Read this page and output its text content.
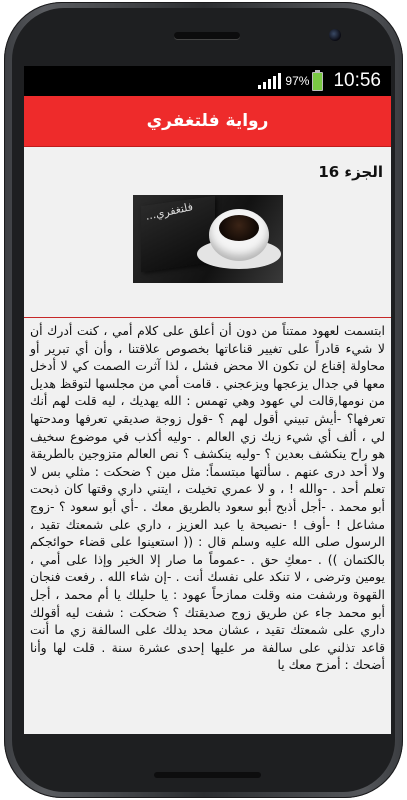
97% 10:56
رواية فلتغفري
الجزء 16
فلتغفري...
ابتسمت لعهود ممتناً من دون أن أعلق على كلام أمي ، كنت أدرك أن لا شيء قادراً على تغيير قناعاتها بخصوص علاقتنا ، وأن أي تبرير أو محاولة إقناع لن تكون الا محض فشل ، لذا آثرت الصمت كي لا أدخل معها في جدال يزعجها ويزعجني . قامت أمي من مجلسها لتوقظ هديل من نومها,قالت لي عهود وهي تهمس : الله يهديك ، ليه قلت لهم أنك تعرفها؟ -أيش تبيني أقول لهم ؟ -قول زوجة صديقي تعرفها ومدحتها لي ، ألف أي شيء زيك زي العالم . -وليه أكذب في موضوع سخيف هو راح ينكشف بعدين ؟ -وليه ينكشف ؟ نص العالم متزوجين بالطريقة ولا أحد درى عنهم . سألتها مبتسماً: مثل مين ؟ ضحكت : مثلي بس لا تعلم أحد . -والله ! ، و لا عمري تخيلت ، ايتني داري وقتها كان ذبحت أبو محمد . -أجل أذبح أبو سعود بالطريق معك . -أي أبو سعود ؟ -زوج مشاعل ! -أوف ! -نصيحة يا عبد العزيز ، داري على شمعتك تقيد ، الرسول صلى الله عليه وسلم قال : (( استعينوا على قضاء حوائجكم بالكتمان )) . -معكِ حق . -عموماً ما صار إلا الخير وإذا على أمي ، يومين وترضى ، لا تنكد على نفسك أنت . -إن شاء الله . رفعت فنجان القهوة ورشفت منه وقلت ممازحاً عهود : يا حليلك يا أم محمد ، أجل أبو محمد جاء عن طريق زوج صديقتك ؟ ضحكت : شفت ليه أقولك داري على شمعتك تقيد ، عشان محد يدلك على السالفة زي ما أنت قاعد تذلني على سالفة مر عليها إحدى عشرة سنة . قلت لها وأنا أضحك : أمزح معك يا
